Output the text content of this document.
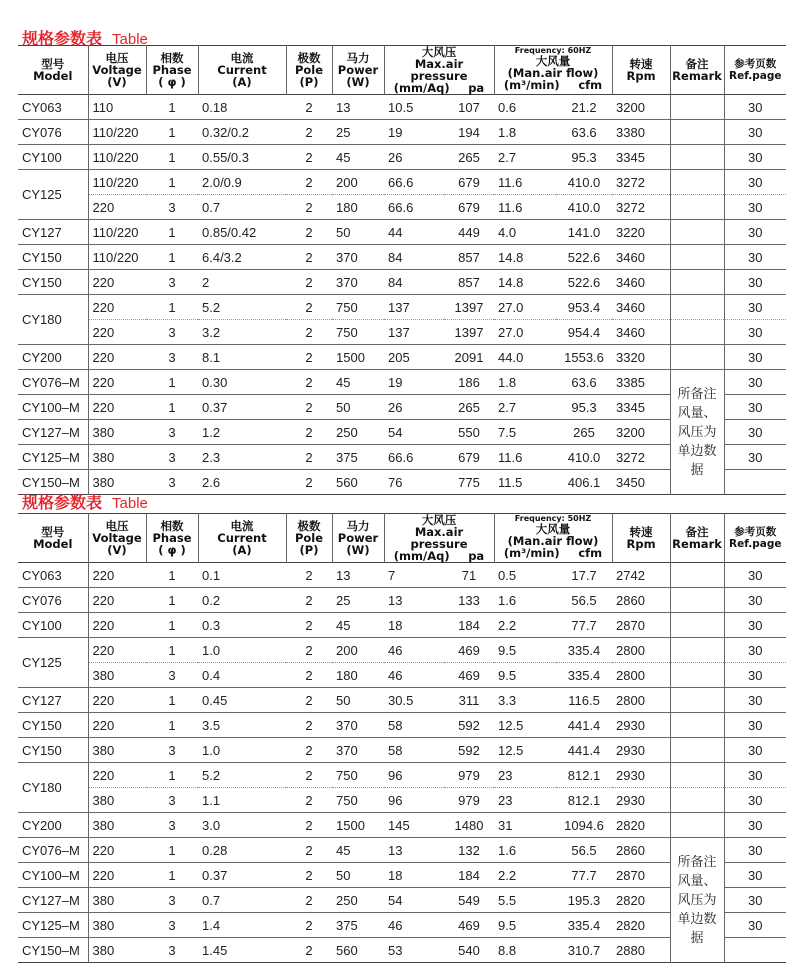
规格参数表 Table
型号
Model	电压
Voltage
(V)	相数
Phase
( φ )	电流
Current
(A)	极数
Pole
(P)	马力
Power
(W)	大风压
Max.air pressure

(mm/Aq) pa		Frequency: 60HZ
大风量
(Man.air flow)

(m³/min) cfm		转速
Rpm	备注
Remark	参考页数
Ref.page
CY063	110	1	0.18	2	13	10.5	107	0.6	21.2	3200		30
CY076	110/220	1	0.32/0.2	2	25	19	194	1.8	63.6	3380		30
CY100	110/220	1	0.55/0.3	2	45	26	265	2.7	95.3	3345		30
CY125	110/220	1	2.0/0.9	2	200	66.6	679	11.6	410.0	3272		30
	220	3	0.7	2	180	66.6	679	11.6	410.0	3272		30
CY127	110/220	1	0.85/0.42	2	50	44	449	4.0	141.0	3220		30
CY150	110/220	1	6.4/3.2	2	370	84	857	14.8	522.6	3460		30
CY150	220	3	2	2	370	84	857	14.8	522.6	3460		30
CY180	220	1	5.2	2	750	137	1397	27.0	953.4	3460		30
	220	3	3.2	2	750	137	1397	27.0	954.4	3460		30
CY200	220	3	8.1	2	1500	205	2091	44.0	1553.6	3320		30
CY076–M	220	1	0.30	2	45	19	186	1.8	63.6	3385	所备注风量、风压为单边数据	30
CY100–M	220	1	0.37	2	50	26	265	2.7	95.3	3345		30
CY127–M	380	3	1.2	2	250	54	550	7.5	265	3200		30
CY125–M	380	3	2.3	2	375	66.6	679	11.6	410.0	3272		30
CY150–M	380	3	2.6	2	560	76	775	11.5	406.1	3450		
规格参数表 Table
型号
Model	电压
Voltage
(V)	相数
Phase
( φ )	电流
Current
(A)	极数
Pole
(P)	马力
Power
(W)	大风压
Max.air pressure

(mm/Aq) pa		Frequency: 50HZ
大风量
(Man.air flow)

(m³/min) cfm		转速
Rpm	备注
Remark	参考页数
Ref.page
CY063	220	1	0.1	2	13	7	71	0.5	17.7	2742		30
CY076	220	1	0.2	2	25	13	133	1.6	56.5	2860		30
CY100	220	1	0.3	2	45	18	184	2.2	77.7	2870		30
CY125	220	1	1.0	2	200	46	469	9.5	335.4	2800		30
	380	3	0.4	2	180	46	469	9.5	335.4	2800		30
CY127	220	1	0.45	2	50	30.5	311	3.3	116.5	2800		30
CY150	220	1	3.5	2	370	58	592	12.5	441.4	2930		30
CY150	380	3	1.0	2	370	58	592	12.5	441.4	2930		30
CY180	220	1	5.2	2	750	96	979	23	812.1	2930		30
	380	3	1.1	2	750	96	979	23	812.1	2930		30
CY200	380	3	3.0	2	1500	145	1480	31	1094.6	2820		30
CY076–M	220	1	0.28	2	45	13	132	1.6	56.5	2860	所备注风量、风压为单边数据	30
CY100–M	220	1	0.37	2	50	18	184	2.2	77.7	2870		30
CY127–M	380	3	0.7	2	250	54	549	5.5	195.3	2820		30
CY125–M	380	3	1.4	2	375	46	469	9.5	335.4	2820		30
CY150–M	380	3	1.45	2	560	53	540	8.8	310.7	2880		
